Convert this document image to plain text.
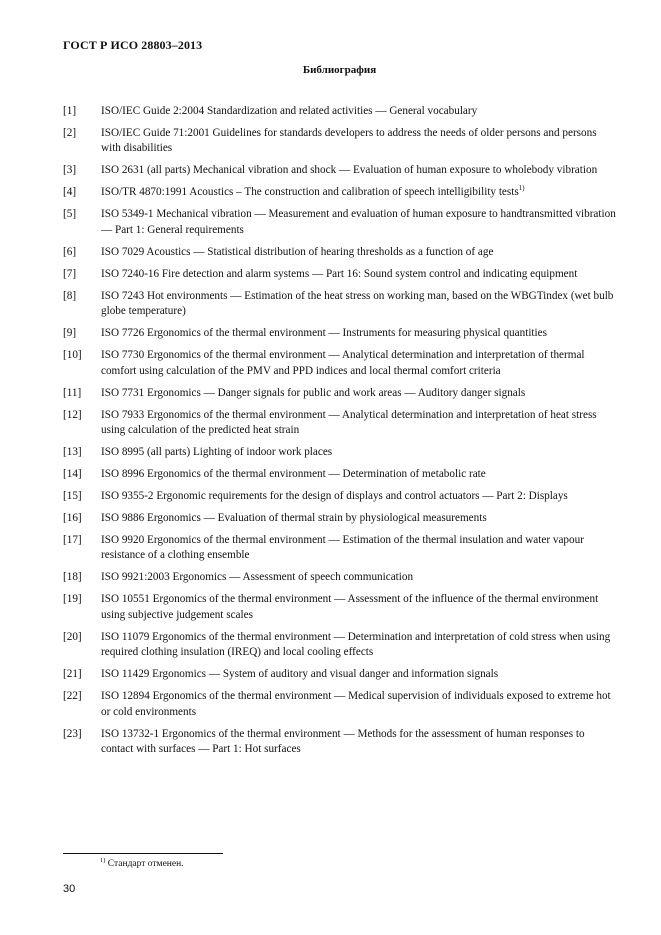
ГОСТ Р ИСО 28803–2013
Библиография
[1]	ISO/IEC Guide 2:2004 Standardization and related activities — General vocabulary
[2]	ISO/IEC Guide 71:2001 Guidelines for standards developers to address the needs of older persons and persons with disabilities
[3]	ISO 2631 (all parts) Mechanical vibration and shock — Evaluation of human exposure to wholebody vibration
[4]	ISO/TR 4870:1991 Acoustics – The construction and calibration of speech intelligibility tests$^{1)}$
[5]	ISO 5349-1 Mechanical vibration — Measurement and evaluation of human exposure to handtransmitted vibration — Part 1: General requirements
[6]	ISO 7029 Acoustics — Statistical distribution of hearing thresholds as a function of age
[7]	ISO 7240-16 Fire detection and alarm systems — Part 16: Sound system control and indicating equipment
[8]	ISO 7243 Hot environments — Estimation of the heat stress on working man, based on the WBGTindex (wet bulb globe temperature)
[9]	ISO 7726 Ergonomics of the thermal environment — Instruments for measuring physical quantities
[10]	ISO 7730 Ergonomics of the thermal environment — Analytical determination and interpretation of thermal comfort using calculation of the PMV and PPD indices and local thermal comfort criteria
[11]	ISO 7731 Ergonomics — Danger signals for public and work areas — Auditory danger signals
[12]	ISO 7933 Ergonomics of the thermal environment — Analytical determination and interpretation of heat stress using calculation of the predicted heat strain
[13]	ISO 8995 (all parts) Lighting of indoor work places
[14]	ISO 8996 Ergonomics of the thermal environment — Determination of metabolic rate
[15]	ISO 9355-2 Ergonomic requirements for the design of displays and control actuators — Part 2: Displays
[16]	ISO 9886 Ergonomics — Evaluation of thermal strain by physiological measurements
[17]	ISO 9920 Ergonomics of the thermal environment — Estimation of the thermal insulation and water vapour resistance of a clothing ensemble
[18]	ISO 9921:2003 Ergonomics — Assessment of speech communication
[19]	ISO 10551 Ergonomics of the thermal environment — Assessment of the influence of the thermal environment using subjective judgement scales
[20]	ISO 11079 Ergonomics of the thermal environment — Determination and interpretation of cold stress when using required clothing insulation (IREQ) and local cooling effects
[21]	ISO 11429 Ergonomics — System of auditory and visual danger and information signals
[22]	ISO 12894 Ergonomics of the thermal environment — Medical supervision of individuals exposed to extreme hot or cold environments
[23]	ISO 13732-1 Ergonomics of the thermal environment — Methods for the assessment of human responses to contact with surfaces — Part 1: Hot surfaces
$^{1)}$ Стандарт отменен.
30
